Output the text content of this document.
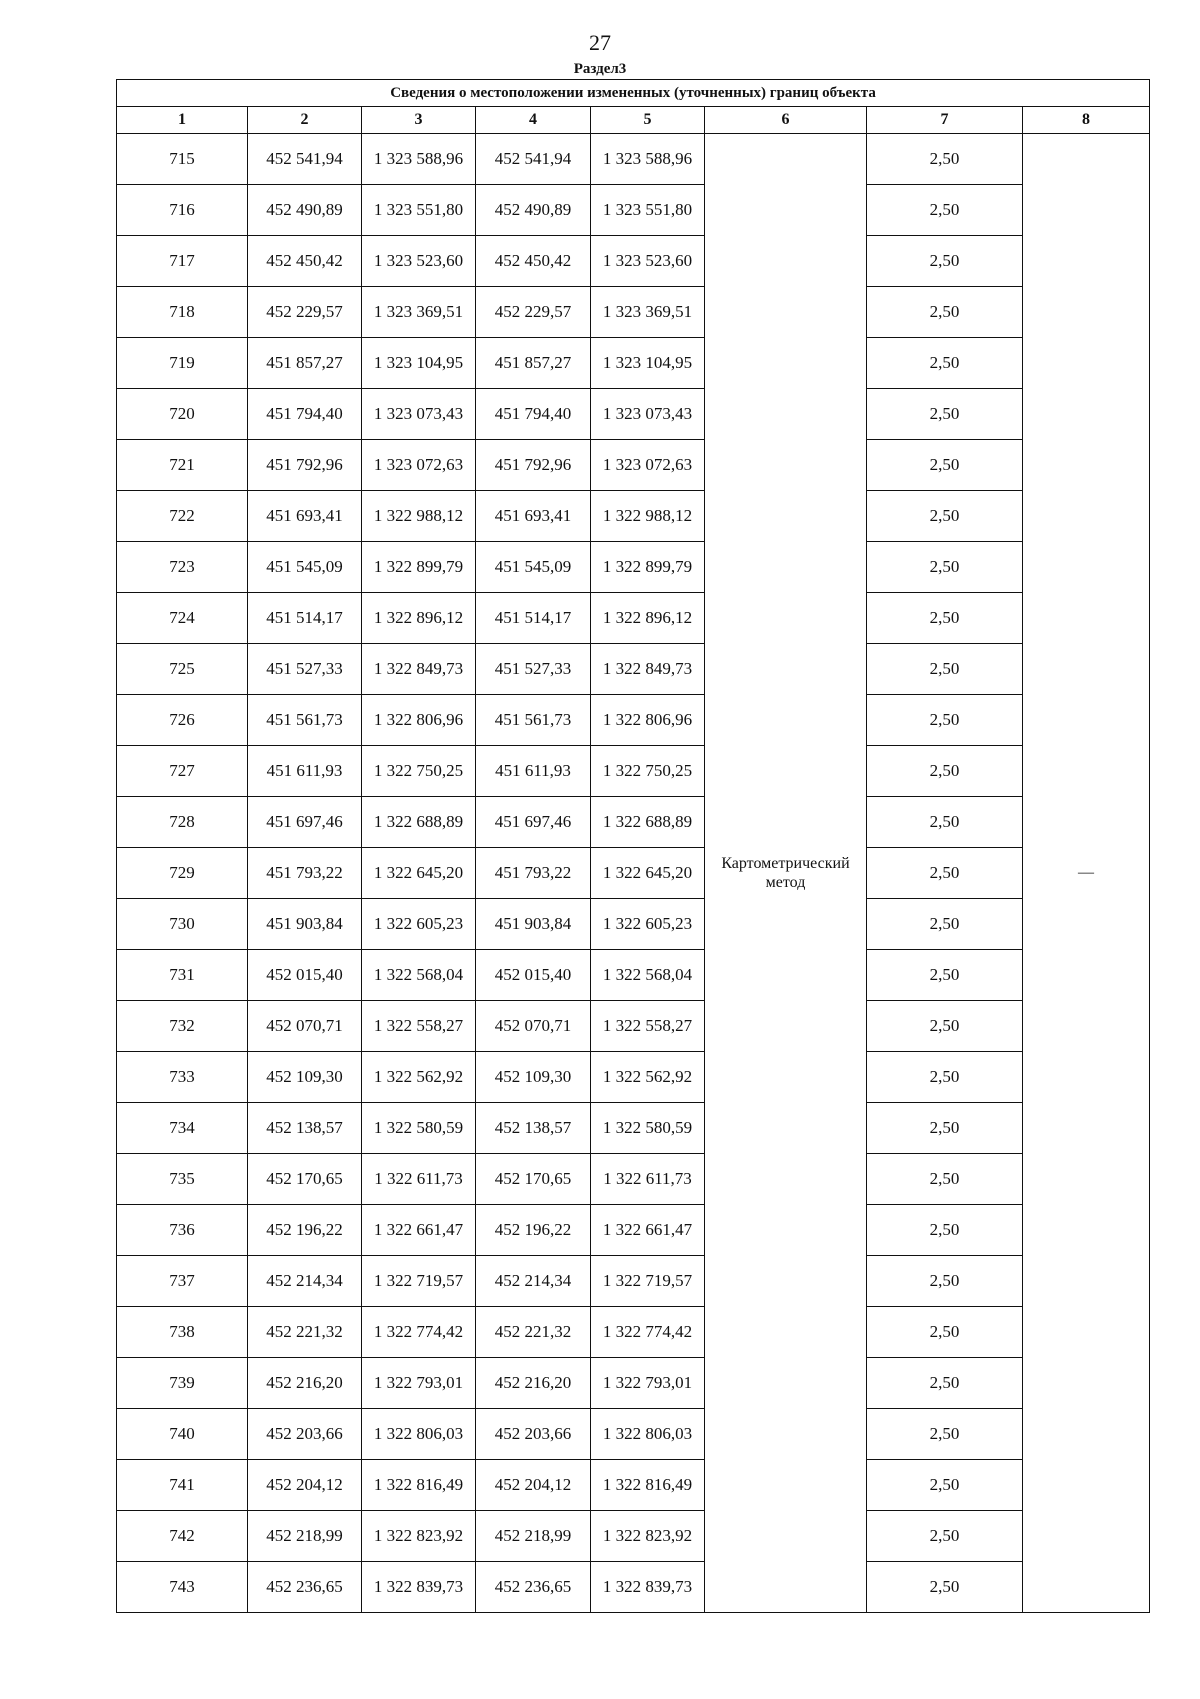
27
Раздел3
Сведения о местоположении измененных (уточненных) границ объекта							
1	2	3	4	5	6	7	8
715	452 541,94	1 323 588,96	452 541,94	1 323 588,96	Картометрический метод	2,50	—
716	452 490,89	1 323 551,80	452 490,89	1 323 551,80		2,50	
717	452 450,42	1 323 523,60	452 450,42	1 323 523,60		2,50	
718	452 229,57	1 323 369,51	452 229,57	1 323 369,51		2,50	
719	451 857,27	1 323 104,95	451 857,27	1 323 104,95		2,50	
720	451 794,40	1 323 073,43	451 794,40	1 323 073,43		2,50	
721	451 792,96	1 323 072,63	451 792,96	1 323 072,63		2,50	
722	451 693,41	1 322 988,12	451 693,41	1 322 988,12		2,50	
723	451 545,09	1 322 899,79	451 545,09	1 322 899,79		2,50	
724	451 514,17	1 322 896,12	451 514,17	1 322 896,12		2,50	
725	451 527,33	1 322 849,73	451 527,33	1 322 849,73		2,50	
726	451 561,73	1 322 806,96	451 561,73	1 322 806,96		2,50	
727	451 611,93	1 322 750,25	451 611,93	1 322 750,25		2,50	
728	451 697,46	1 322 688,89	451 697,46	1 322 688,89		2,50	
729	451 793,22	1 322 645,20	451 793,22	1 322 645,20		2,50	
730	451 903,84	1 322 605,23	451 903,84	1 322 605,23		2,50	
731	452 015,40	1 322 568,04	452 015,40	1 322 568,04		2,50	
732	452 070,71	1 322 558,27	452 070,71	1 322 558,27		2,50	
733	452 109,30	1 322 562,92	452 109,30	1 322 562,92		2,50	
734	452 138,57	1 322 580,59	452 138,57	1 322 580,59		2,50	
735	452 170,65	1 322 611,73	452 170,65	1 322 611,73		2,50	
736	452 196,22	1 322 661,47	452 196,22	1 322 661,47		2,50	
737	452 214,34	1 322 719,57	452 214,34	1 322 719,57		2,50	
738	452 221,32	1 322 774,42	452 221,32	1 322 774,42		2,50	
739	452 216,20	1 322 793,01	452 216,20	1 322 793,01		2,50	
740	452 203,66	1 322 806,03	452 203,66	1 322 806,03		2,50	
741	452 204,12	1 322 816,49	452 204,12	1 322 816,49		2,50	
742	452 218,99	1 322 823,92	452 218,99	1 322 823,92		2,50	
743	452 236,65	1 322 839,73	452 236,65	1 322 839,73		2,50	
